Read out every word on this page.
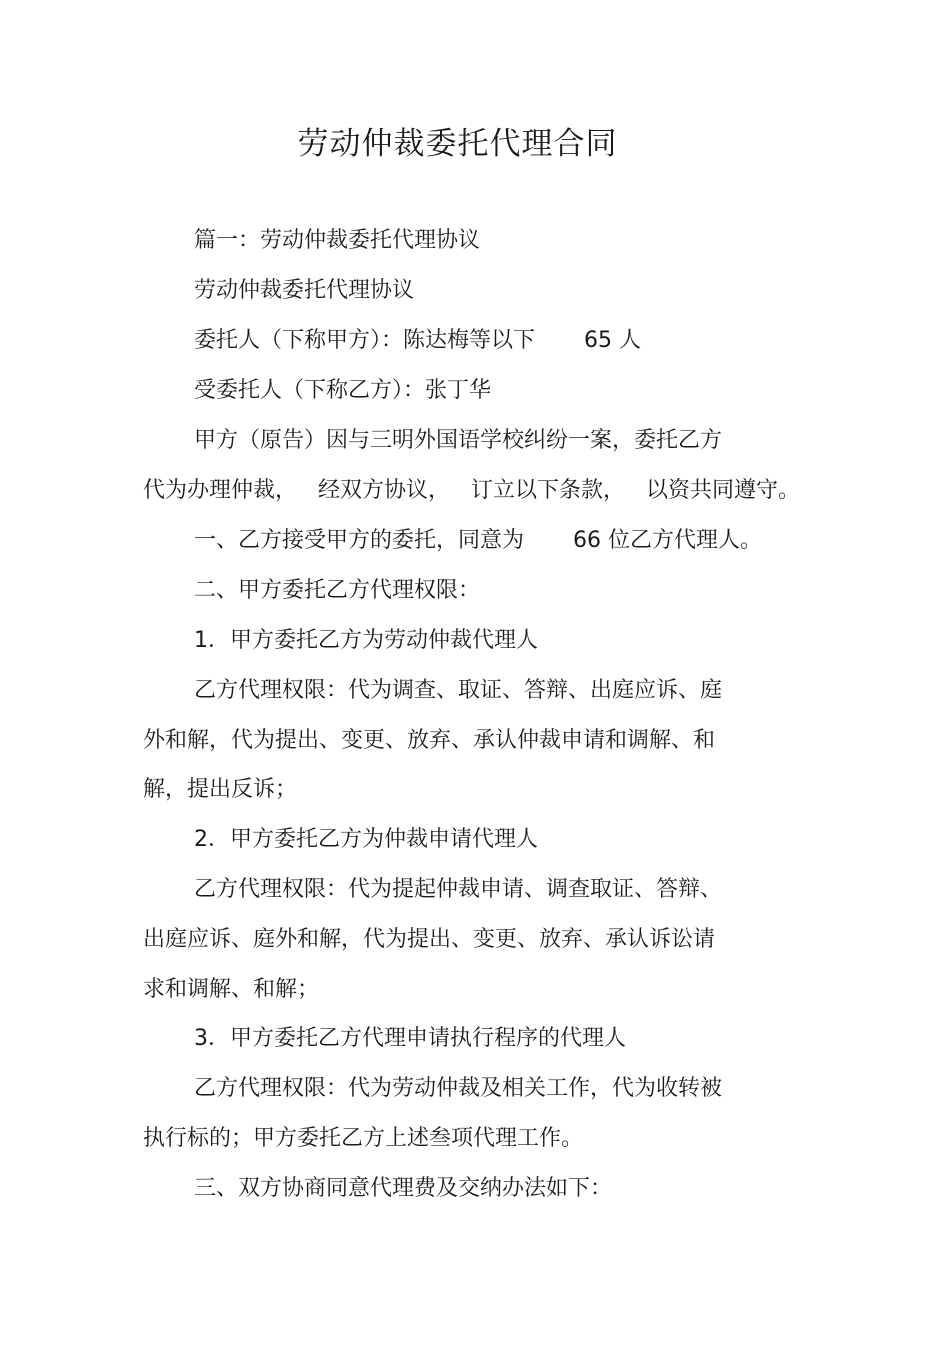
劳动仲裁委托代理合同
篇一：劳动仲裁委托代理协议
劳动仲裁委托代理协议
委托人（下称甲方）：陈达梅等以下       65 人
受委托人（下称乙方）：张丁华
甲方（原告）因与三明外国语学校纠纷一案，委托乙方
代为办理仲裁，   经双方协议，   订立以下条款，   以资共同遵守。
一、乙方接受甲方的委托，同意为       66 位乙方代理人。
二、甲方委托乙方代理权限：
1．甲方委托乙方为劳动仲裁代理人
乙方代理权限：代为调查、取证、答辩、出庭应诉、庭
外和解，代为提出、变更、放弃、承认仲裁申请和调解、和
解，提出反诉；
2．甲方委托乙方为仲裁申请代理人
乙方代理权限：代为提起仲裁申请、调查取证、答辩、
出庭应诉、庭外和解，代为提出、变更、放弃、承认诉讼请
求和调解、和解；
3．甲方委托乙方代理申请执行程序的代理人
乙方代理权限：代为劳动仲裁及相关工作，代为收转被
执行标的；甲方委托乙方上述叁项代理工作。
三、双方协商同意代理费及交纳办法如下：
